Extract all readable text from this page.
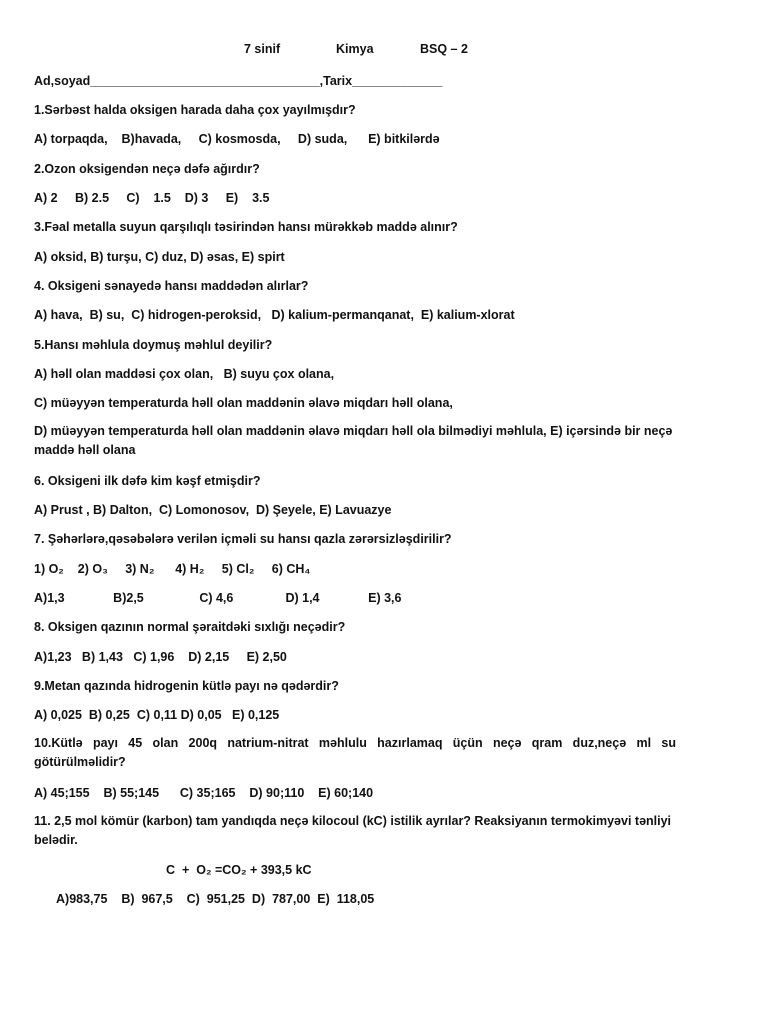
7 sinif	Kimya	BSQ – 2
Ad,soyad_________________________________,Tarix_____________
1.Sərbəst halda oksigen harada daha çox yayılmışdır?
A) torpaqda,    B)havada,     C) kosmosda,     D) suda,      E) bitkilərdə
2.Ozon oksigendən neçə dəfə ağırdır?
A) 2     B) 2.5     C)    1.5    D) 3     E)    3.5
3.Fəal metalla suyun qarşılıqlı təsirindən hansı mürəkkəb maddə alınır?
A) oksid, B) turşu, C) duz, D) əsas, E) spirt
4. Oksigeni sənayedə hansı maddədən alırlar?
A) hava,  B) su,  C) hidrogen-peroksid,   D) kalium-permanqanat,  E) kalium-xlorat
5.Hansı məhlula doymuş məhlul deyilir?
A) həll olan maddəsi çox olan,   B) suyu çox olana,
C) müəyyən temperaturda həll olan maddənin əlavə miqdarı həll olana,
D) müəyyən temperaturda həll olan maddənin əlavə miqdarı həll ola bilmədiyi məhlula, E) içərsində bir neçə maddə həll olana
6. Oksigeni ilk dəfə kim kəşf etmişdir?
A) Prust , B) Dalton,  C) Lomonosov,  D) Şeyele, E) Lavuazye
7. Şəhərlərə,qəsəbələrə verilən içməli su hansı qazla zərərsizləşdirilir?
1) O₂    2) O₃     3) N₂      4) H₂     5) Cl₂     6) CH₄
A)1,3              B)2,5                C) 4,6               D) 1,4              E) 3,6
8. Oksigen qazının normal şəraitdəki sıxlığı neçədir?
A)1,23   B) 1,43   C) 1,96    D) 2,15     E) 2,50
9.Metan qazında hidrogenin kütlə payı nə qədərdir?
A) 0,025  B) 0,25  C) 0,11 D) 0,05   E) 0,125
10.Kütlə payı 45 olan 200q natrium-nitrat məhlulu hazırlamaq üçün neçə qram duz,neçə ml su götürülməlidir?
A) 45;155    B) 55;145      C) 35;165    D) 90;110    E) 60;140
11. 2,5 mol kömür (karbon) tam yandıqda neçə kilocoul (kC) istilik ayrılar? Reaksiyanın termokimyəvi tənliyi belədir.
C  +  O₂ =CO₂ + 393,5 kC
A)983,75    B)  967,5    C)  951,25  D)  787,00  E)  118,05
